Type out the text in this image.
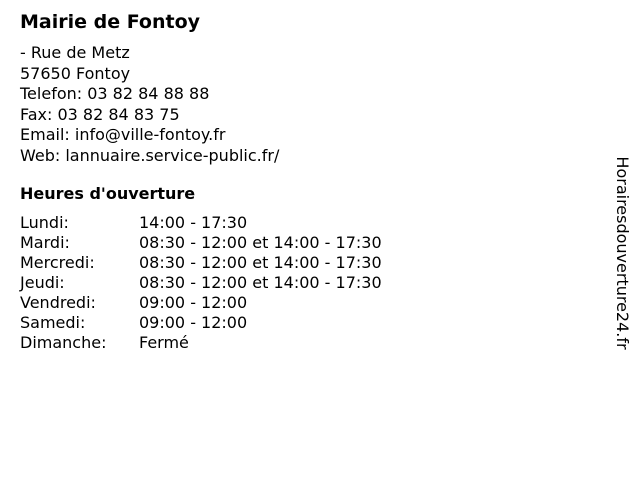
Mairie de Fontoy
- Rue de Metz
57650 Fontoy
Telefon: 03 82 84 88 88
Fax: 03 82 84 83 75
Email: info@ville-fontoy.fr
Web: lannuaire.service-public.fr/
Heures d'ouverture
Lundi:	14:00 - 17:30
Mardi:	08:30 - 12:00 et 14:00 - 17:30
Mercredi:	08:30 - 12:00 et 14:00 - 17:30
Jeudi:	08:30 - 12:00 et 14:00 - 17:30
Vendredi:	09:00 - 12:00
Samedi:	09:00 - 12:00
Dimanche: Fermé	Horairesdouverture24.fr
